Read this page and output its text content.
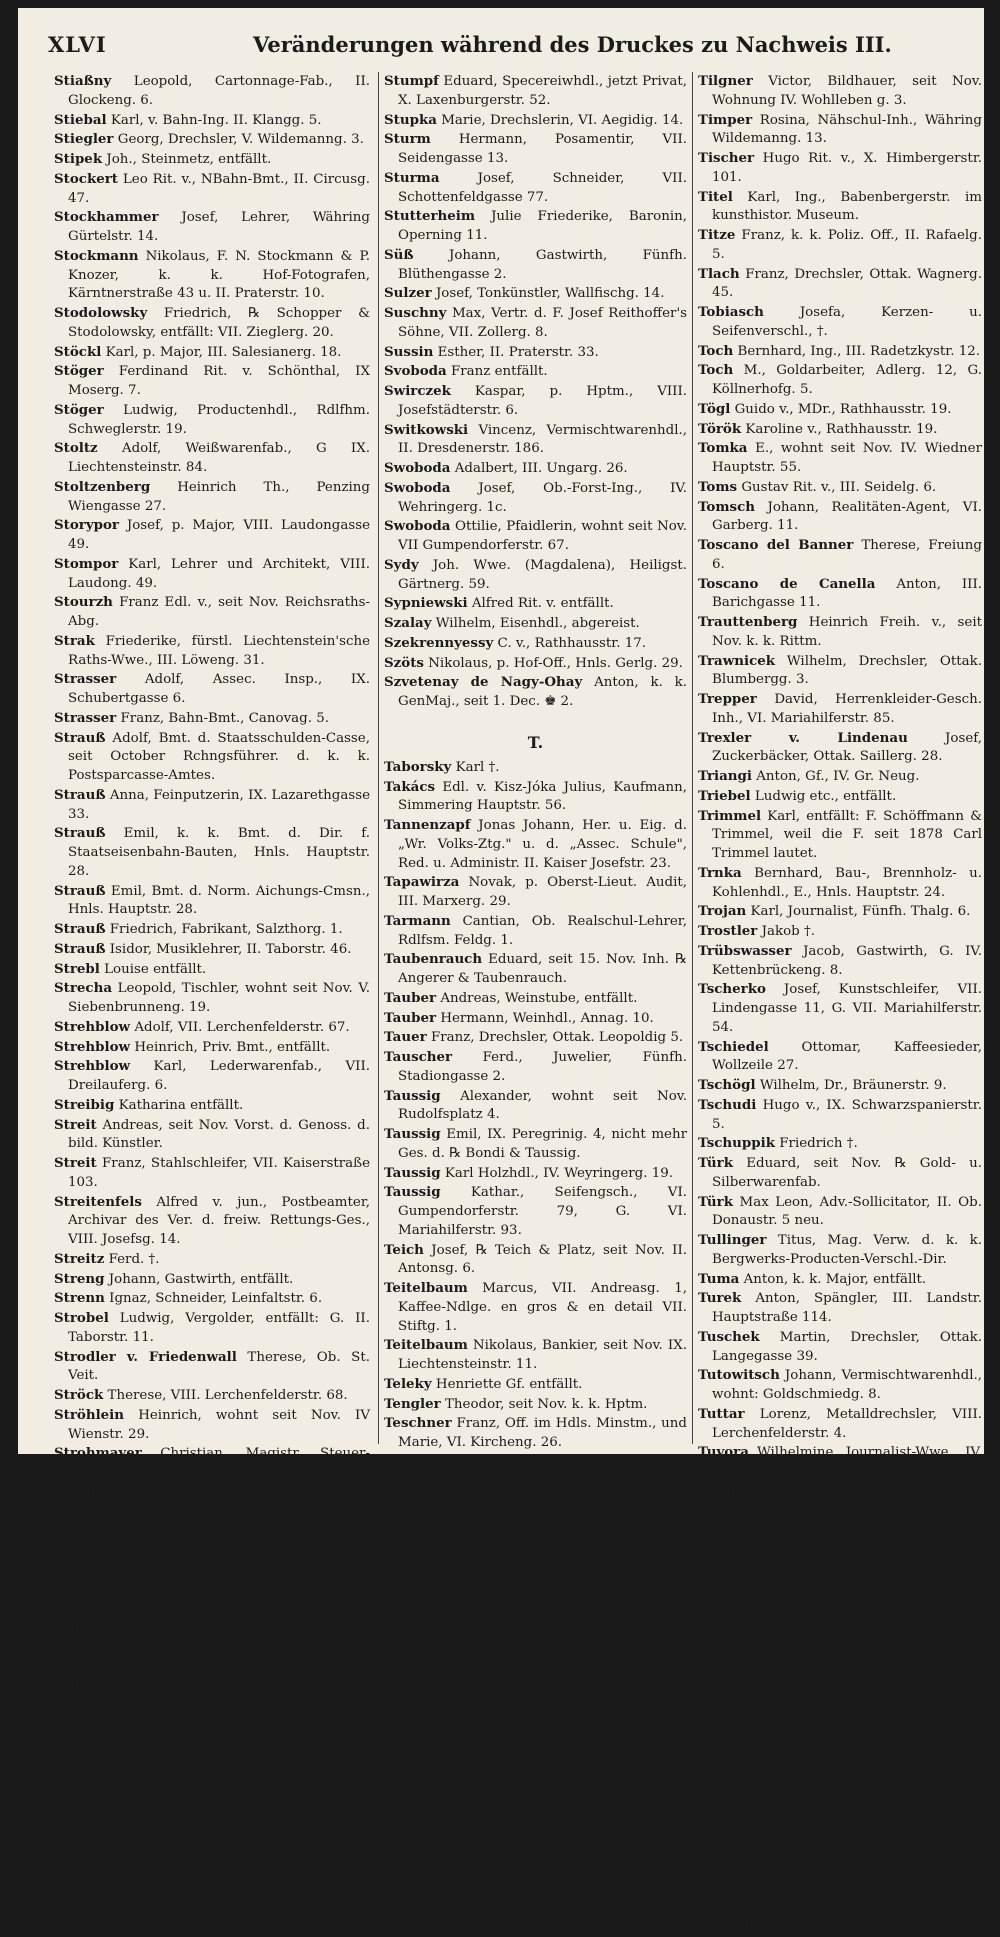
XLVI	Veränderungen während des Druckes zu Nachweis III.

Stiaßny Leopold, Cartonnage-Fab., II. Glockeng. 6.

Stiebal Karl, v. Bahn-Ing. II. Klangg. 5.

Stiegler Georg, Drechsler, V. Wildemanng. 3.

Stipek Joh., Steinmetz, entfällt.

Stockert Leo Rit. v., NBahn-Bmt., II. Circusg. 47.

Stockhammer Josef, Lehrer, Währing Gürtelstr. 14.

Stockmann Nikolaus, F. N. Stockmann & P. Knozer, k. k. Hof-Fotografen, Kärntnerstraße 43 u. II. Praterstr. 10.

Stodolowsky Friedrich, ℞ Schopper & Stodolowsky, entfällt: VII. Zieglerg. 20.

Stöckl Karl, p. Major, III. Salesianerg. 18.

Stöger Ferdinand Rit. v. Schönthal, IX Moserg. 7.

Stöger Ludwig, Productenhdl., Rdlfhm. Schweglerstr. 19.

Stoltz Adolf, Weißwarenfab., G IX. Liechtensteinstr. 84.

Stoltzenberg Heinrich Th., Penzing Wiengasse 27.

Storypor Josef, p. Major, VIII. Laudongasse 49.

Stompor Karl, Lehrer und Architekt, VIII. Laudong. 49.

Stourzh Franz Edl. v., seit Nov. Reichsraths-Abg.

Strak Friederike, fürstl. Liechtenstein'sche Raths-Wwe., III. Löweng. 31.

Strasser Adolf, Assec. Insp., IX. Schubertgasse 6.

Strasser Franz, Bahn-Bmt., Canovag. 5.

Strauß Adolf, Bmt. d. Staatsschulden-Casse, seit October Rchngsführer. d. k. k. Postsparcasse-Amtes.

Strauß Anna, Feinputzerin, IX. Lazarethgasse 33.

Strauß Emil, k. k. Bmt. d. Dir. f. Staatseisenbahn-Bauten, Hnls. Hauptstr. 28.

Strauß Emil, Bmt. d. Norm. Aichungs-Cmsn., Hnls. Hauptstr. 28.

Strauß Friedrich, Fabrikant, Salzthorg. 1.

Strauß Isidor, Musiklehrer, II. Taborstr. 46.

Strebl Louise entfällt.

Strecha Leopold, Tischler, wohnt seit Nov. V. Siebenbrunneng. 19.

Strehblow Adolf, VII. Lerchenfelderstr. 67.

Strehblow Heinrich, Priv. Bmt., entfällt.

Strehblow Karl, Lederwarenfab., VII. Dreilauferg. 6.

Streibig Katharina entfällt.

Streit Andreas, seit Nov. Vorst. d. Genoss. d. bild. Künstler.

Streit Franz, Stahlschleifer, VII. Kaiserstraße 103.

Streitenfels Alfred v. jun., Postbeamter, Archivar des Ver. d. freiw. Rettungs-Ges., VIII. Josefsg. 14.

Streitz Ferd. †.

Streng Johann, Gastwirth, entfällt.

Strenn Ignaz, Schneider, Leinfaltstr. 6.

Strobel Ludwig, Vergolder, entfällt: G. II. Taborstr. 11.

Strodler v. Friedenwall Therese, Ob. St. Veit.

Ströck Therese, VIII. Lerchenfelderstr. 68.

Ströhlein Heinrich, wohnt seit Nov. IV Wienstr. 29.

Strohmayer Christian, Magistr. Steuer-Cmsr., Hnls. Palffyg. 5.

Strohmayer Ferd., ☞ Siehe Inserat.

Strosse Josef, seit Nov. k. k. Major.

Struhatschek	Josef, Zimmermeister, Sechshaus Gemeindeg. 1.

Struppi Victor, MDr., seit Nov. VII. Siebensterng. 46.

Stummer Antonie, Pfaidlerin, entfällt.

Stummer Josef Rit. v. Traunfels, hinzu: Dir. d. Kaiser Ferd. NBahn, es entfällt: Vice-Präs. d. österr. Kunstver.

Stummer Rudolf, Ob. Off. d. NBahn, II. Schwimmschulstr. 19.

Stumpf Eduard, Specereiwhdl., jetzt Privat, X. Laxenburgerstr. 52.

Stupka Marie, Drechslerin, VI. Aegidig. 14.

Sturm Hermann, Posamentir, VII. Seidengasse 13.

Sturma	Josef, Schneider, VII. Schottenfeldgasse 77.

Stutterheim Julie Friederike, Baronin, Operning 11.

Süß	Johann, Gastwirth, Fünfh. Blüthengasse 2.

Sulzer Josef, Tonkünstler, Wallfischg. 14.

Suschny Max, Vertr. d. F. Josef Reithoffer's Söhne, VII. Zollerg. 8.

Sussin Esther, II. Praterstr. 33.

Svoboda Franz entfällt.

Swirczek Kaspar, p. Hptm., VIII. Josefstädterstr. 6.

Switkowski Vincenz, Vermischtwarenhdl., II. Dresdenerstr. 186.

Swoboda Adalbert, III. Ungarg. 26.

Swoboda Josef, Ob.-Forst-Ing., IV. Wehringerg. 1c.

Swoboda Ottilie, Pfaidlerin, wohnt seit Nov. VII Gumpendorferstr. 67.

Sydy Joh. Wwe. (Magdalena), Heiligst. Gärtnerg. 59.

Sypniewski Alfred Rit. v. entfällt.

Szalay Wilhelm, Eisenhdl., abgereist.

Szekrennyessy C. v., Rathhausstr. 17.

Szöts Nikolaus, p. Hof-Off., Hnls. Gerlg. 29.

Szvetenay de Nagy-Ohay Anton, k. k. GenMaj., seit 1. Dec. ♚ 2.

T.

Taborsky Karl †.

Takács Edl. v. Kisz-Jóka Julius, Kaufmann, Simmering Hauptstr. 56.

Tannenzapf Jonas Johann, Her. u. Eig. d. „Wr. Volks-Ztg." u. d. „Assec. Schule", Red. u. Administr. II. Kaiser Josefstr. 23.

Tapawirza Novak, p. Oberst-Lieut. Audit, III. Marxerg. 29.

Tarmann Cantian, Ob. Realschul-Lehrer, Rdlfsm. Feldg. 1.

Taubenrauch Eduard, seit 15. Nov. Inh. ℞ Angerer & Taubenrauch.

Tauber Andreas, Weinstube, entfällt.

Tauber Hermann, Weinhdl., Annag. 10.

Tauer Franz, Drechsler, Ottak. Leopoldig 5.

Tauscher Ferd., Juwelier, Fünfh. Stadiongasse 2.

Taussig Alexander, wohnt seit Nov. Rudolfsplatz 4.

Taussig Emil, IX. Peregrinig. 4, nicht mehr Ges. d. ℞ Bondi & Taussig.

Taussig Karl Holzhdl., IV. Weyringerg. 19.

Taussig Kathar., Seifengsch., VI. Gumpendorferstr. 79, G. VI. Mariahilferstr. 93.

Teich Josef, ℞ Teich & Platz, seit Nov. II. Antonsg. 6.

Teitelbaum Marcus, VII. Andreasg. 1, Kaffee-Ndlge. en gros & en detail VII. Stiftg. 1.

Teitelbaum Nikolaus, Bankier, seit Nov. IX. Liechtensteinstr. 11.

Teleky Henriette Gf. entfällt.

Tengler Theodor, seit Nov. k. k. Hptm.

Teschner Franz, Off. im Hdls. Minstm., und Marie, VI. Kircheng. 26.

Teucher August, Laubsäge-Maschinen-Werkzeuge, IV. Preßg. 19a, G. Operning 19.

Teyschl Sebastian entfällt.

Thallinger	Franz, Fragner, IX. Währingerstraße 72, G. IX. Währingerstr. 63.

Themer Josef, Cmsr. d. Gen. Insp. d. österr. Eisenbahnen, III. Landstr. Hauptstr. 70.

Ther Franz, Goldarbeiter, G. VIII. Florianigasse 5.

Thornton Wilhelm, Bettwarenerz., VI. Windmühlg. 27.

Thuranszky	Hermine v., VIII. Buchfeldgasse 10.

Tichy Franz, Drechsler, VI. Strohmayerg. 3.

Tilgner Victor, Bildhauer, seit Nov. Wohnung IV. Wohlleben g. 3.

Timper Rosina, Nähschul-Inh., Währing Wildemanng. 13.

Tischer Hugo Rit. v., X. Himbergerstr. 101.

Titel Karl, Ing., Babenbergerstr. im kunsthistor. Museum.

Titze Franz, k. k. Poliz. Off., II. Rafaelg. 5.

Tlach Franz, Drechsler, Ottak. Wagnerg. 45.

Tobiasch	Josefa, Kerzen- u. Seifenverschl., †.

Toch Bernhard, Ing., III. Radetzkystr. 12.

Toch M., Goldarbeiter, Adlerg. 12, G. Köllnerhofg. 5.

Tögl Guido v., MDr., Rathhausstr. 19.

Török Karoline v., Rathhausstr. 19.

Tomka E., wohnt seit Nov. IV. Wiedner Hauptstr. 55.

Toms Gustav Rit. v., III. Seidelg. 6.

Tomsch Johann, Realitäten-Agent, VI. Garberg. 11.

Toscano del Banner Therese, Freiung 6.

Toscano de Canella Anton, III. Barichgasse 11.

Trauttenberg Heinrich Freih. v., seit Nov. k. k. Rittm.

Trawnicek Wilhelm, Drechsler, Ottak. Blumbergg. 3.

Trepper David, Herrenkleider-Gesch. Inh., VI. Mariahilferstr. 85.

Trexler v. Lindenau	Josef, Zuckerbäcker, Ottak. Saillerg. 28.

Triangi Anton, Gf., IV. Gr. Neug.

Triebel Ludwig etc., entfällt.

Trimmel Karl, entfällt: F. Schöffmann & Trimmel, weil die F. seit 1878 Carl Trimmel lautet.

Trnka Bernhard, Bau-, Brennholz- u. Kohlenhdl., E., Hnls. Hauptstr. 24.

Trojan Karl, Journalist, Fünfh. Thalg. 6.

Trostler Jakob †.

Trübswasser Jacob, Gastwirth, G. IV. Kettenbrückeng. 8.

Tscherko Josef, Kunstschleifer, VII. Lindengasse 11, G. VII. Mariahilferstr. 54.

Tschiedel Ottomar, Kaffeesieder, Wollzeile 27.

Tschögl Wilhelm, Dr., Bräunerstr. 9.

Tschudi Hugo v., IX. Schwarzspanierstr. 5.

Tschuppik Friedrich †.

Türk Eduard, seit Nov. ℞ Gold- u. Silberwarenfab.

Türk Max Leon, Adv.-Sollicitator, II. Ob. Donaustr. 5 neu.

Tullinger Titus, Mag. Verw. d. k. k. Bergwerks-Producten-Verschl.-Dir.

Tuma Anton, k. k. Major, entfällt.

Turek Anton, Spängler, III. Landstr. Hauptstraße 114.

Tuschek Martin, Drechsler, Ottak. Langegasse 39.

Tutowitsch Johann, Vermischtwarenhdl., wohnt: Goldschmiedg. 8.

Tuttar Lorenz, Metalldrechsler, VIII. Lerchenfelderstr. 4.

Tuvora Wilhelmine, Journalist-Wwe., IV. Schwindg. 19.

Tyrolt Leopold, Lehrer, †.

U.

Uhl Anton, Friseur, Währing Fürsteng. 17, G. Grünangerg. 12.

Uhl Charles, k. k. Hof-Friseur, G. Kohlmarkt 2. vom Mai 1883 an Kohlmarkt 3.

Uhl Maximilian Rit. v., III. Neulingg. 3.

Ullmann Anton, Riemer u. Taschner, VII. Mondscheing. 6.

Ullmann Leopold, Cmsns.-, Spedit.- u. Incasso-Gesch., wohnt seit Nov. Kohlmarkt 9.

Ullrich Franz, Poliz. Dir. Off., Penzing Hietzingerg. 6.

Ullrich Adolf, p. k. k. Major, IX. Alserstr. 14.

Ullrich Karl, E., k. k. Hof-Spiegel- u. Rahmenfab., wohnt seit Nov. Maximilianstr. 6.

Umbauer Gustav, k. k. Steuer-Insp., Währing Martinstr. 50.

Umwolka Agnes, entfällt.
